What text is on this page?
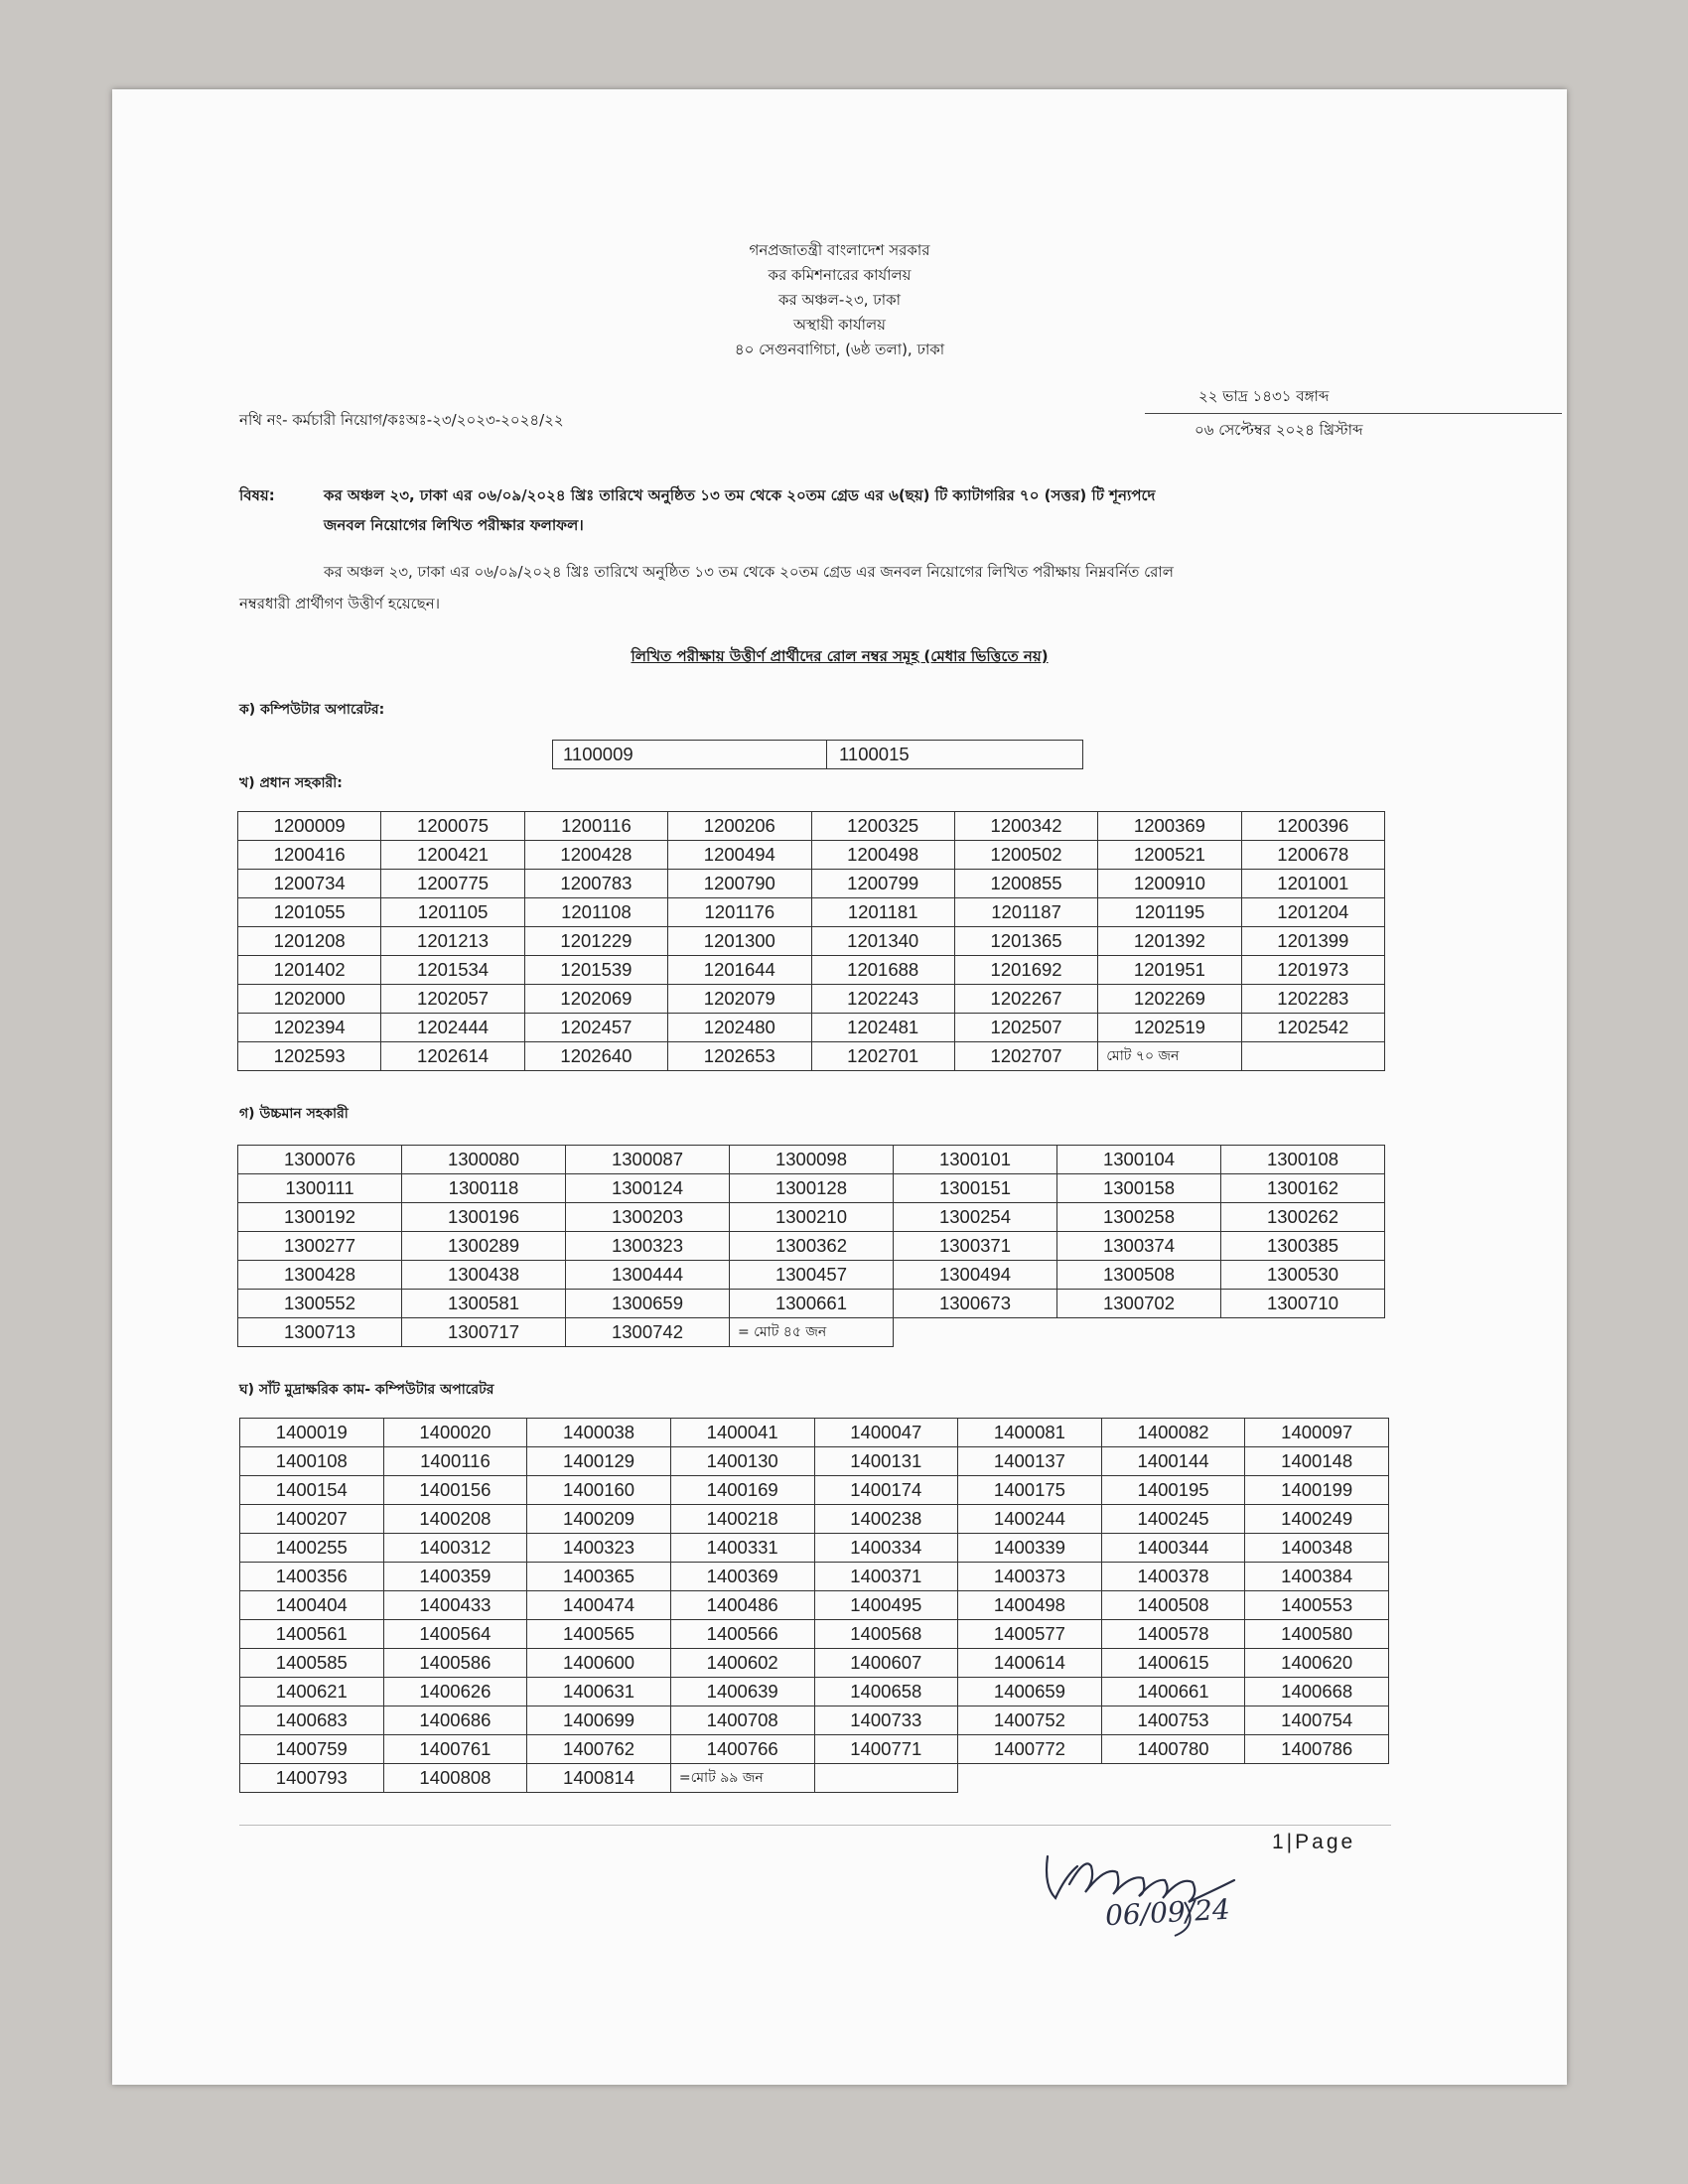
গনপ্রজাতন্ত্রী বাংলাদেশ সরকার
কর কমিশনারের কার্যালয়
কর অঞ্চল-২৩, ঢাকা
অস্থায়ী কার্যালয়
৪০ সেগুনবাগিচা, (৬ষ্ঠ তলা), ঢাকা
নথি নং- কর্মচারী নিয়োগ/কঃঅঃ-২৩/২০২৩-২০২৪/২২
২২ ভাদ্র ১৪৩১ বঙ্গাব্দ
০৬ সেপ্টেম্বর ২০২৪ খ্রিস্টাব্দ
বিষয়:	কর অঞ্চল ২৩, ঢাকা এর ০৬/০৯/২০২৪ খ্রিঃ তারিখে অনুষ্ঠিত ১৩ তম থেকে ২০তম গ্রেড এর ৬(ছয়) টি ক্যাটাগরির ৭০ (সত্তর) টি শূন্যপদে
জনবল নিয়োগের লিখিত পরীক্ষার ফলাফল।
কর অঞ্চল ২৩, ঢাকা এর ০৬/০৯/২০২৪ খ্রিঃ তারিখে অনুষ্ঠিত ১৩ তম থেকে ২০তম গ্রেড এর জনবল নিয়োগের লিখিত পরীক্ষায় নিম্নবর্নিত রোল
নম্বরধারী প্রার্থীগণ উত্তীর্ণ হয়েছেন।
লিখিত পরীক্ষায় উত্তীর্ণ প্রার্থীদের রোল নম্বর সমূহ (মেধার ভিত্তিতে নয়)
ক) কম্পিউটার অপারেটর:
1100009	1100015
খ) প্রধান সহকারী:
1200009	1200075	1200116	1200206	1200325	1200342	1200369	1200396
1200416	1200421	1200428	1200494	1200498	1200502	1200521	1200678
1200734	1200775	1200783	1200790	1200799	1200855	1200910	1201001
1201055	1201105	1201108	1201176	1201181	1201187	1201195	1201204
1201208	1201213	1201229	1201300	1201340	1201365	1201392	1201399
1201402	1201534	1201539	1201644	1201688	1201692	1201951	1201973
1202000	1202057	1202069	1202079	1202243	1202267	1202269	1202283
1202394	1202444	1202457	1202480	1202481	1202507	1202519	1202542
1202593	1202614	1202640	1202653	1202701	1202707	মোট ৭০ জন	
গ) উচ্চমান সহকারী
1300076	1300080	1300087	1300098	1300101	1300104	1300108
1300111	1300118	1300124	1300128	1300151	1300158	1300162
1300192	1300196	1300203	1300210	1300254	1300258	1300262
1300277	1300289	1300323	1300362	1300371	1300374	1300385
1300428	1300438	1300444	1300457	1300494	1300508	1300530
1300552	1300581	1300659	1300661	1300673	1300702	1300710
1300713	1300717	1300742	= মোট ৪৫ জন			
ঘ) সাঁট মুদ্রাক্ষরিক কাম- কম্পিউটার অপারেটর
1400019	1400020	1400038	1400041	1400047	1400081	1400082	1400097
1400108	1400116	1400129	1400130	1400131	1400137	1400144	1400148
1400154	1400156	1400160	1400169	1400174	1400175	1400195	1400199
1400207	1400208	1400209	1400218	1400238	1400244	1400245	1400249
1400255	1400312	1400323	1400331	1400334	1400339	1400344	1400348
1400356	1400359	1400365	1400369	1400371	1400373	1400378	1400384
1400404	1400433	1400474	1400486	1400495	1400498	1400508	1400553
1400561	1400564	1400565	1400566	1400568	1400577	1400578	1400580
1400585	1400586	1400600	1400602	1400607	1400614	1400615	1400620
1400621	1400626	1400631	1400639	1400658	1400659	1400661	1400668
1400683	1400686	1400699	1400708	1400733	1400752	1400753	1400754
1400759	1400761	1400762	1400766	1400771	1400772	1400780	1400786
1400793	1400808	1400814	=মোট ৯৯ জন				
1|Page
06/09/24
